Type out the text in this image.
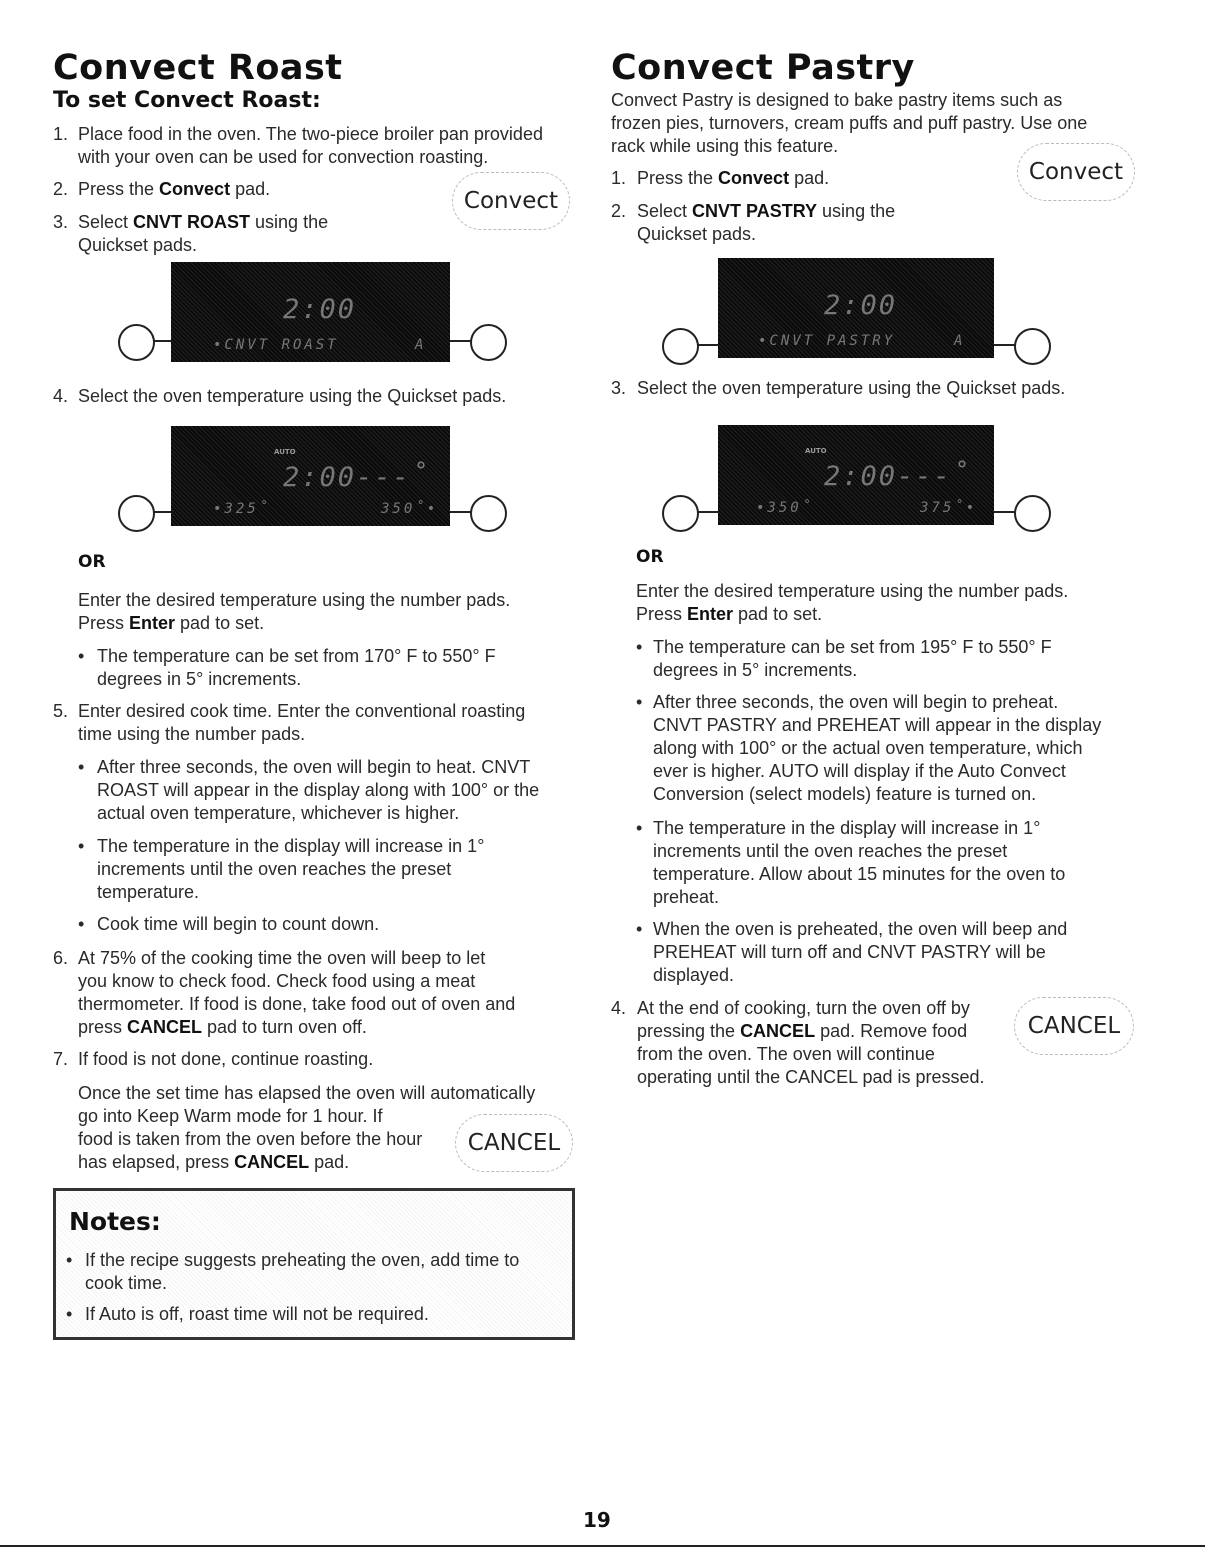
Convect Roast
To set Convect Roast:
1. Place food in the oven. The two-piece broiler pan provided
with your oven can be used for convection roasting.
2. Press the Convect pad.
3. Select CNVT ROAST using the
Quickset pads.
Convect
2:00
•CNVT ROAST	A
4. Select the oven temperature using the Quickset pads.
AUTO
2:00---˚
•325˚	350˚•

OR

Enter the desired temperature using the number pads.
Press Enter pad to set.
• The temperature can be set from 170° F to 550° F
degrees in 5° increments.
5. Enter desired cook time. Enter the conventional roasting
time using the number pads.
• After three seconds, the oven will begin to heat. CNVT
ROAST will appear in the display along with 100° or the
actual oven temperature, whichever is higher.
• The temperature in the display will increase in 1°
increments until the oven reaches the preset
temperature.
• Cook time will begin to count down.
6. At 75% of the cooking time the oven will beep to let
you know to check food. Check food using a meat
thermometer. If food is done, take food out of oven and
press CANCEL pad to turn oven off.
7. If food is not done, continue roasting.
Once the set time has elapsed the oven will automatically
go into Keep Warm mode for 1 hour. If
food is taken from the oven before the hour
has elapsed, press CANCEL pad.
CANCEL
Notes:
• If the recipe suggests preheating the oven, add time to
cook time.
• If Auto is off, roast time will not be required.
Convect Pastry
Convect Pastry is designed to bake pastry items such as
frozen pies, turnovers, cream puffs and puff pastry. Use one
rack while using this feature.
1. Press the Convect pad.
2. Select CNVT PASTRY using the
Quickset pads.
Convect
2:00
•CNVT PASTRY	A
3. Select the oven temperature using the Quickset pads.
AUTO
2:00---˚
•350˚	375˚•

OR

Enter the desired temperature using the number pads.
Press Enter pad to set.
• The temperature can be set from 195° F to 550° F
degrees in 5° increments.
• After three seconds, the oven will begin to preheat.
CNVT PASTRY and PREHEAT will appear in the display
along with 100° or the actual oven temperature, which
ever is higher. AUTO will display if the Auto Convect
Conversion (select models) feature is turned on.
• The temperature in the display will increase in 1°
increments until the oven reaches the preset
temperature. Allow about 15 minutes for the oven to
preheat.
• When the oven is preheated, the oven will beep and
PREHEAT will turn off and CNVT PASTRY will be
displayed.
4. At the end of cooking, turn the oven off by
pressing the CANCEL pad. Remove food
from the oven. The oven will continue
operating until the CANCEL pad is pressed.
CANCEL
19
